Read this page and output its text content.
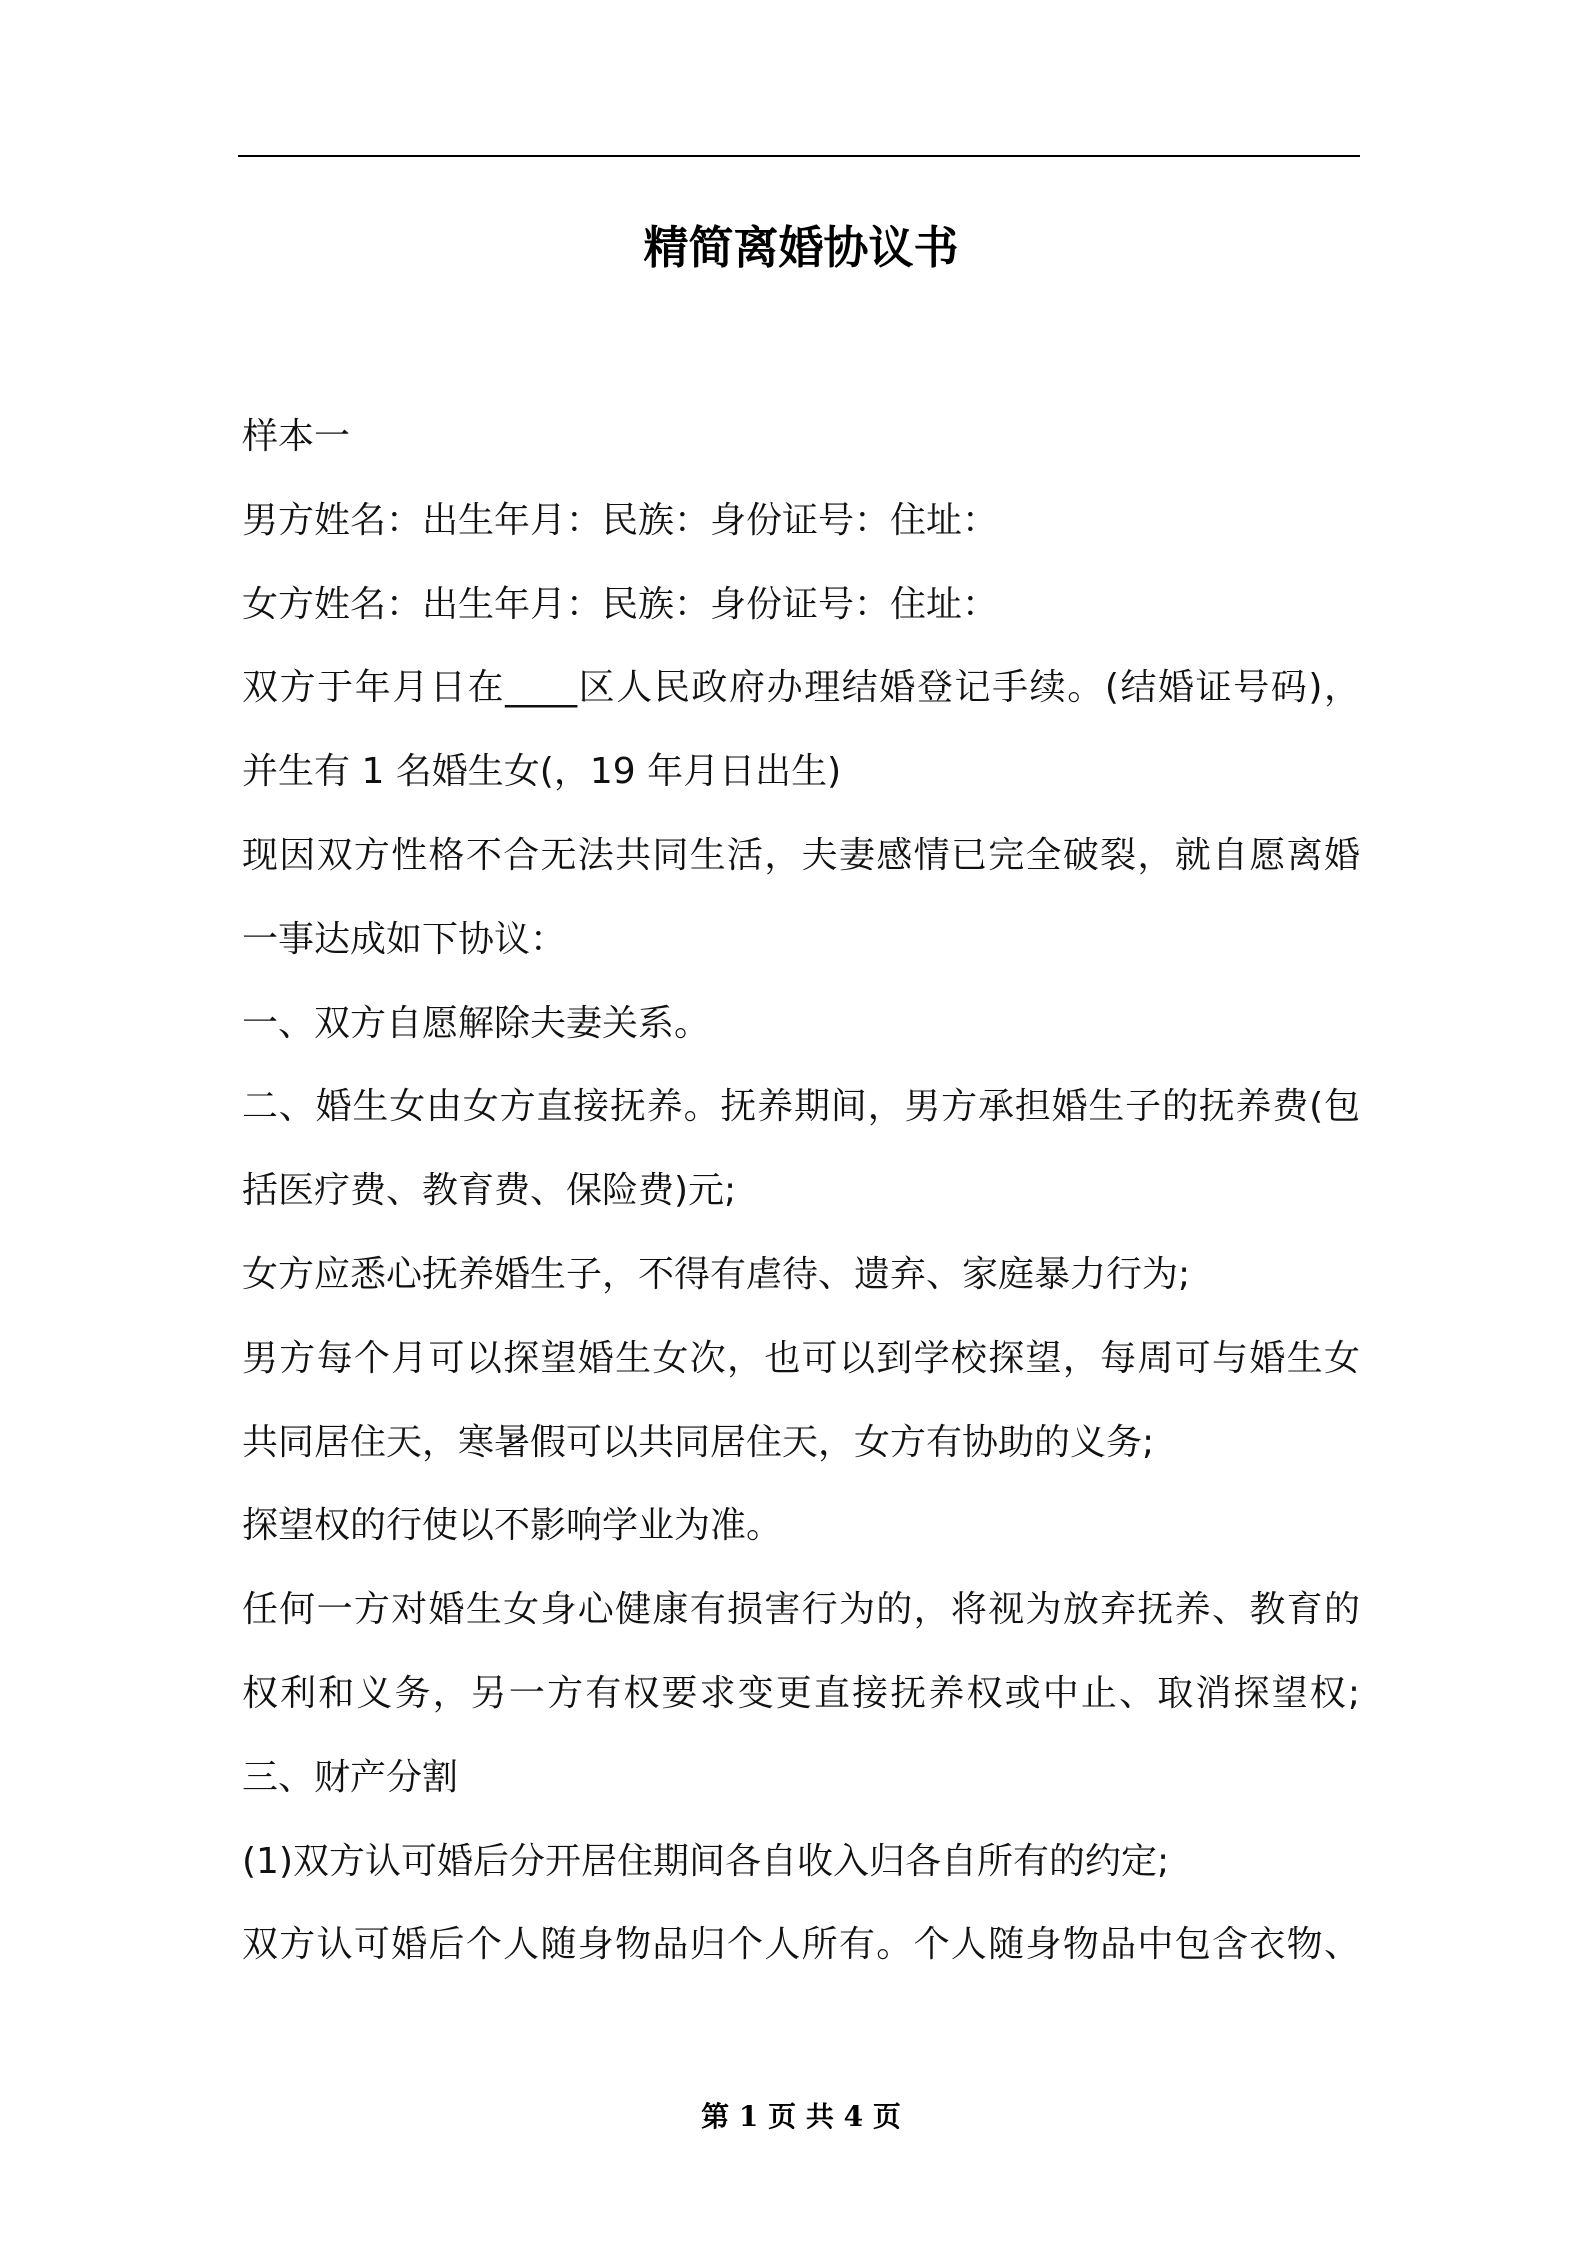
精简离婚协议书
样本一
男方姓名：出生年月：民族：身份证号：住址：
女方姓名：出生年月：民族：身份证号：住址：
双方于年月日在____区人民政府办理结婚登记手续。(结婚证号码)，
并生有 1 名婚生女(，19 年月日出生)
现因双方性格不合无法共同生活，夫妻感情已完全破裂，就自愿离婚
一事达成如下协议：
一、双方自愿解除夫妻关系。
二、婚生女由女方直接抚养。抚养期间，男方承担婚生子的抚养费(包
括医疗费、教育费、保险费)元;
女方应悉心抚养婚生子，不得有虐待、遗弃、家庭暴力行为;
男方每个月可以探望婚生女次，也可以到学校探望，每周可与婚生女
共同居住天，寒暑假可以共同居住天，女方有协助的义务;
探望权的行使以不影响学业为准。
任何一方对婚生女身心健康有损害行为的，将视为放弃抚养、教育的
权利和义务，另一方有权要求变更直接抚养权或中止、取消探望权;
三、财产分割
(1)双方认可婚后分开居住期间各自收入归各自所有的约定;
双方认可婚后个人随身物品归个人所有。个人随身物品中包含衣物、
第 1 页 共 4 页
